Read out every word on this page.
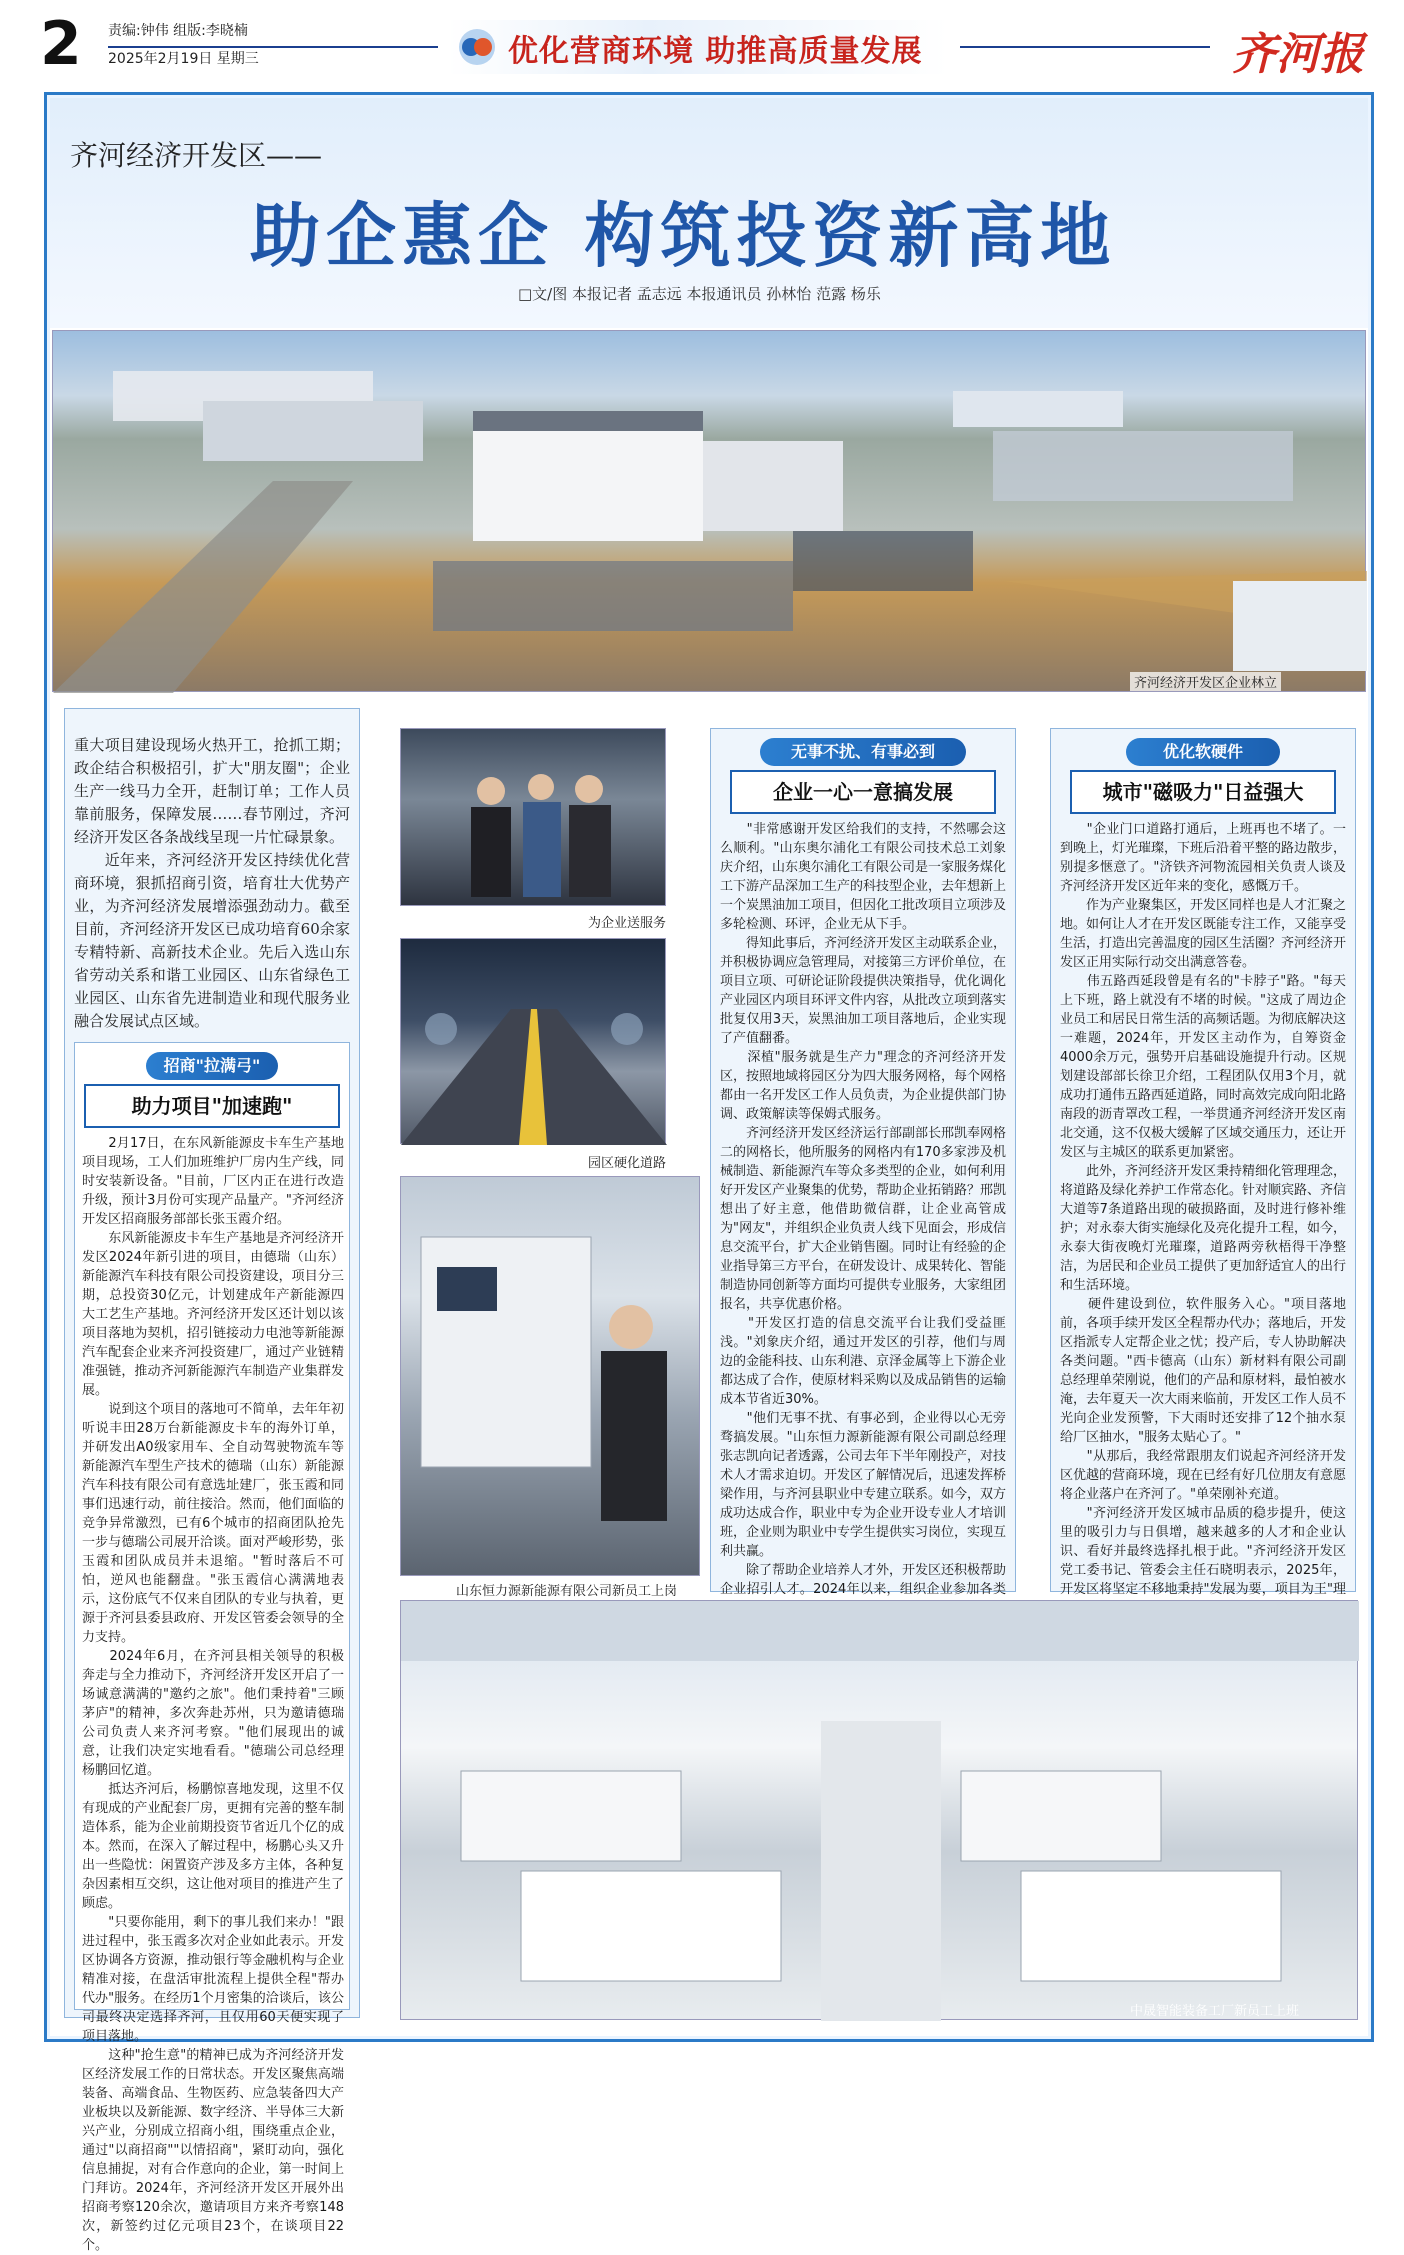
2 责编:钟伟 组版:李晓楠
2025年2月19日 星期三	优化营商环境 助推高质量发展	齐河报
齐河经济开发区——
助企惠企 构筑投资新高地
□文/图 本报记者 孟志远 本报通讯员 孙林怡 范露 杨乐
齐河经济开发区企业林立
重大项目建设现场火热开工，抢抓工期；政企结合积极招引，扩大"朋友圈"；企业生产一线马力全开，赶制订单；工作人员靠前服务，保障发展……春节刚过，齐河经济开发区各条战线呈现一片忙碌景象。
　　近年来，齐河经济开发区持续优化营商环境，狠抓招商引资，培育壮大优势产业，为齐河经济发展增添强劲动力。截至目前，齐河经济开发区已成功培育60余家专精特新、高新技术企业。先后入选山东省劳动关系和谐工业园区、山东省绿色工业园区、山东省先进制造业和现代服务业融合发展试点区域。
招商"拉满弓"
助力项目"加速跑"
　　2月17日，在东风新能源皮卡车生产基地项目现场，工人们加班维护厂房内生产线，同时安装新设备。"目前，厂区内正在进行改造升级，预计3月份可实现产品量产。"齐河经济开发区招商服务部部长张玉霞介绍。
　　东风新能源皮卡车生产基地是齐河经济开发区2024年新引进的项目，由德瑞（山东）新能源汽车科技有限公司投资建设，项目分三期，总投资30亿元，计划建成年产新能源四大工艺生产基地。齐河经济开发区还计划以该项目落地为契机，招引链接动力电池等新能源汽车配套企业来齐河投资建厂，通过产业链精准强链，推动齐河新能源汽车制造产业集群发展。
　　说到这个项目的落地可不简单，去年年初听说丰田28万台新能源皮卡车的海外订单，并研发出A0级家用车、全自动驾驶物流车等新能源汽车型生产技术的德瑞（山东）新能源汽车科技有限公司有意选址建厂，张玉霞和同事们迅速行动，前往接洽。然而，他们面临的竞争异常激烈，已有6个城市的招商团队抢先一步与德瑞公司展开洽谈。面对严峻形势，张玉霞和团队成员并未退缩。"暂时落后不可怕，逆风也能翻盘。"张玉霞信心满满地表示，这份底气不仅来自团队的专业与执着，更源于齐河县委县政府、开发区管委会领导的全力支持。
　　2024年6月，在齐河县相关领导的积极奔走与全力推动下，齐河经济开发区开启了一场诚意满满的"邀约之旅"。他们秉持着"三顾茅庐"的精神，多次奔赴苏州，只为邀请德瑞公司负责人来齐河考察。"他们展现出的诚意，让我们决定实地看看。"德瑞公司总经理杨鹏回忆道。
　　抵达齐河后，杨鹏惊喜地发现，这里不仅有现成的产业配套厂房，更拥有完善的整车制造体系，能为企业前期投资节省近几个亿的成本。然而，在深入了解过程中，杨鹏心头又升出一些隐忧：闲置资产涉及多方主体，各种复杂因素相互交织，这让他对项目的推进产生了顾虑。
　　"只要你能用，剩下的事儿我们来办！"跟进过程中，张玉霞多次对企业如此表示。开发区协调各方资源，推动银行等金融机构与企业精准对接，在盘活审批流程上提供全程"帮办代办"服务。在经历1个月密集的洽谈后，该公司最终决定选择齐河，且仅用60天便实现了项目落地。
　　这种"抢生意"的精神已成为齐河经济开发区经济发展工作的日常状态。开发区聚焦高端装备、高端食品、生物医药、应急装备四大产业板块以及新能源、数字经济、半导体三大新兴产业，分别成立招商小组，围绕重点企业，通过"以商招商""以情招商"，紧盯动向，强化信息捕捉，对有合作意向的企业，第一时间上门拜访。2024年，齐河经济开发区开展外出招商考察120余次，邀请项目方来齐考察148次，新签约过亿元项目23个，在谈项目22个。
为企业送服务
园区硬化道路
山东恒力源新能源有限公司新员工上岗
无事不扰、有事必到
企业一心一意搞发展
　　"非常感谢开发区给我们的支持，不然哪会这么顺利。"山东奥尔浦化工有限公司技术总工刘象庆介绍，山东奥尔浦化工有限公司是一家服务煤化工下游产品深加工生产的科技型企业，去年想新上一个炭黑油加工项目，但因化工批改项目立项涉及多轮检测、环评，企业无从下手。
　　得知此事后，齐河经济开发区主动联系企业，并积极协调应急管理局，对接第三方评价单位，在项目立项、可研论证阶段提供决策指导，优化调化产业园区内项目环评文件内容，从批改立项到落实批复仅用3天，炭黑油加工项目落地后，企业实现了产值翻番。
　　深植"服务就是生产力"理念的齐河经济开发区，按照地域将园区分为四大服务网格，每个网格都由一名开发区工作人员负责，为企业提供部门协调、政策解读等保姆式服务。
　　齐河经济开发区经济运行部副部长邢凯奉网格二的网格长，他所服务的网格内有170多家涉及机械制造、新能源汽车等众多类型的企业，如何利用好开发区产业聚集的优势，帮助企业拓销路？邢凯想出了好主意，他借助微信群，让企业高管成为"网友"，并组织企业负责人线下见面会，形成信息交流平台，扩大企业销售圈。同时让有经验的企业指导第三方平台，在研发设计、成果转化、智能制造协同创新等方面均可提供专业服务，大家组团报名，共享优惠价格。
　　"开发区打造的信息交流平台让我们受益匪浅。"刘象庆介绍，通过开发区的引荐，他们与周边的金能科技、山东利港、京泽金属等上下游企业都达成了合作，使原材料采购以及成品销售的运输成本节省近30%。
　　"他们无事不扰、有事必到，企业得以心无旁骛搞发展。"山东恒力源新能源有限公司副总经理张志凯向记者透露，公司去年下半年刚投产，对技术人才需求迫切。开发区了解情况后，迅速发挥桥梁作用，与齐河县职业中专建立联系。如今，双方成功达成合作，职业中专为企业开设专业人才培训班，企业则为职业中专学生提供实习岗位，实现互利共赢。
　　除了帮助企业培养人才外，开发区还积极帮助企业招引人才。2024年以来，组织企业参加各类
优化软硬件
城市"磁吸力"日益强大
　　"企业门口道路打通后，上班再也不堵了。一到晚上，灯光璀璨，下班后沿着平整的路边散步，别提多惬意了。"济铁齐河物流园相关负责人谈及齐河经济开发区近年来的变化，感慨万千。
　　作为产业聚集区，开发区同样也是人才汇聚之地。如何让人才在开发区既能专注工作，又能享受生活，打造出完善温度的园区生活圈？齐河经济开发区正用实际行动交出满意答卷。
　　伟五路西延段曾是有名的"卡脖子"路。"每天上下班，路上就没有不堵的时候。"这成了周边企业员工和居民日常生活的高频话题。为彻底解决这一难题，2024年，开发区主动作为，自筹资金4000余万元，强势开启基础设施提升行动。区规划建设部部长徐卫介绍，工程团队仅用3个月，就成功打通伟五路西延道路，同时高效完成向阳北路南段的沥青罩改工程，一举贯通齐河经济开发区南北交通，这不仅极大缓解了区域交通压力，还让开发区与主城区的联系更加紧密。
　　此外，齐河经济开发区秉持精细化管理理念，将道路及绿化养护工作常态化。针对顺宾路、齐信大道等7条道路出现的破损路面，及时进行修补维护；对永泰大街实施绿化及亮化提升工程，如今，永泰大街夜晚灯光璀璨，道路两旁秋梧得干净整洁，为居民和企业员工提供了更加舒适宜人的出行和生活环境。
　　硬件建设到位，软件服务入心。"项目落地前，各项手续开发区全程帮办代办；落地后，开发区指派专人定帮企业之忧；投产后，专人协助解决各类问题。"西卡德高（山东）新材料有限公司副总经理单荣刚说，他们的产品和原材料，最怕被水淹，去年夏天一次大雨来临前，开发区工作人员不光向企业发预警，下大雨时还安排了12个抽水泵给厂区抽水，"服务太贴心了。"
　　"从那后，我经常跟朋友们说起齐河经济开发区优越的营商环境，现在已经有好几位朋友有意愿将企业落户在齐河了。"单荣刚补充道。
　　"齐河经济开发区城市品质的稳步提升，使这里的吸引力与日俱增，越来越多的人才和企业认识、看好并最终选择扎根于此。"齐河经济开发区党工委书记、管委会主任石晓明表示，2025年，开发区将坚定不移地秉持"发展为要，项目为王"理
中晟智能装备工厂新员工上班
